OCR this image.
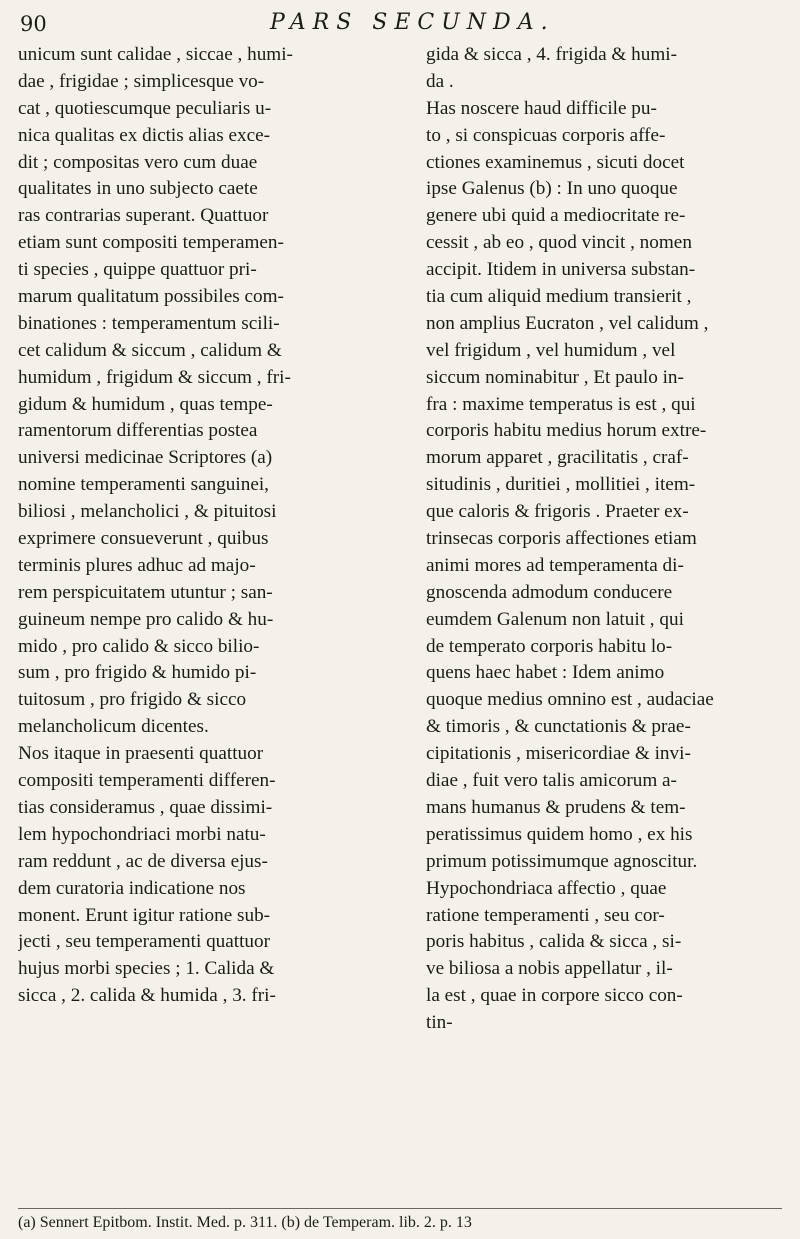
90	PARS SECUNDA.
unicum sunt calidae , siccae , humi-
dae , frigidae ; simplicesque vo-
cat , quotiescumque peculiaris u-
nica qualitas ex dictis alias exce-
dit ; compositas vero cum duae
qualitates in uno subjecto caete
ras contrarias superant. Quattuor
etiam sunt compositi temperamen-
ti species , quippe quattuor pri-
marum qualitatum possibiles com-
binationes : temperamentum scili-
cet calidum & siccum , calidum &
humidum , frigidum & siccum , fri-
gidum & humidum , quas tempe-
ramentorum differentias postea
universi medicinae Scriptores (a)
nomine temperamenti sanguinei,
biliosi , melancholici , & pituitosi
exprimere consueverunt , quibus
terminis plures adhuc ad majo-
rem perspicuitatem utuntur ; san-
guineum nempe pro calido & hu-
mido , pro calido & sicco bilio-
sum , pro frigido & humido pi-
tuitosum , pro frigido & sicco
melancholicum dicentes.
Nos itaque in praesenti quattuor
compositi temperamenti differen-
tias consideramus , quae dissimi-
lem hypochondriaci morbi natu-
ram reddunt , ac de diversa ejus-
dem curatoria indicatione nos
monent. Erunt igitur ratione sub-
jecti , seu temperamenti quattuor
hujus morbi species ; 1. Calida &
sicca , 2. calida & humida , 3. fri-
gida & sicca , 4. frigida & humi-
da .
Has noscere haud difficile pu-
to , si conspicuas corporis affe-
ctiones examinemus , sicuti docet
ipse Galenus (b) : In uno quoque
genere ubi quid a mediocritate re-
cessit , ab eo , quod vincit , nomen
accipit. Itidem in universa substan-
tia cum aliquid medium transierit ,
non amplius Eucraton , vel calidum ,
vel frigidum , vel humidum , vel
siccum nominabitur , Et paulo in-
fra : maxime temperatus is est , qui
corporis habitu medius horum extre-
morum apparet , gracilitatis , craf-
situdinis , duritiei , mollitiei , item-
que caloris & frigoris . Praeter ex-
trinsecas corporis affectiones etiam
animi mores ad temperamenta di-
gnoscenda admodum conducere
eumdem Galenum non latuit , qui
de temperato corporis habitu lo-
quens haec habet : Idem animo
quoque medius omnino est , audaciae
& timoris , & cunctationis & prae-
cipitationis , misericordiae & invi-
diae , fuit vero talis amicorum a-
mans humanus & prudens & tem-
peratissimus quidem homo , ex his
primum potissimumque agnoscitur.
Hypochondriaca affectio , quae
ratione temperamenti , seu cor-
poris habitus , calida & sicca , si-
ve biliosa a nobis appellatur , il-
la est , quae in corpore sicco con-
tin-
(a) Sennert Epitbom. Instit. Med. p. 311. (b) de Temperam. lib. 2. p. 13
